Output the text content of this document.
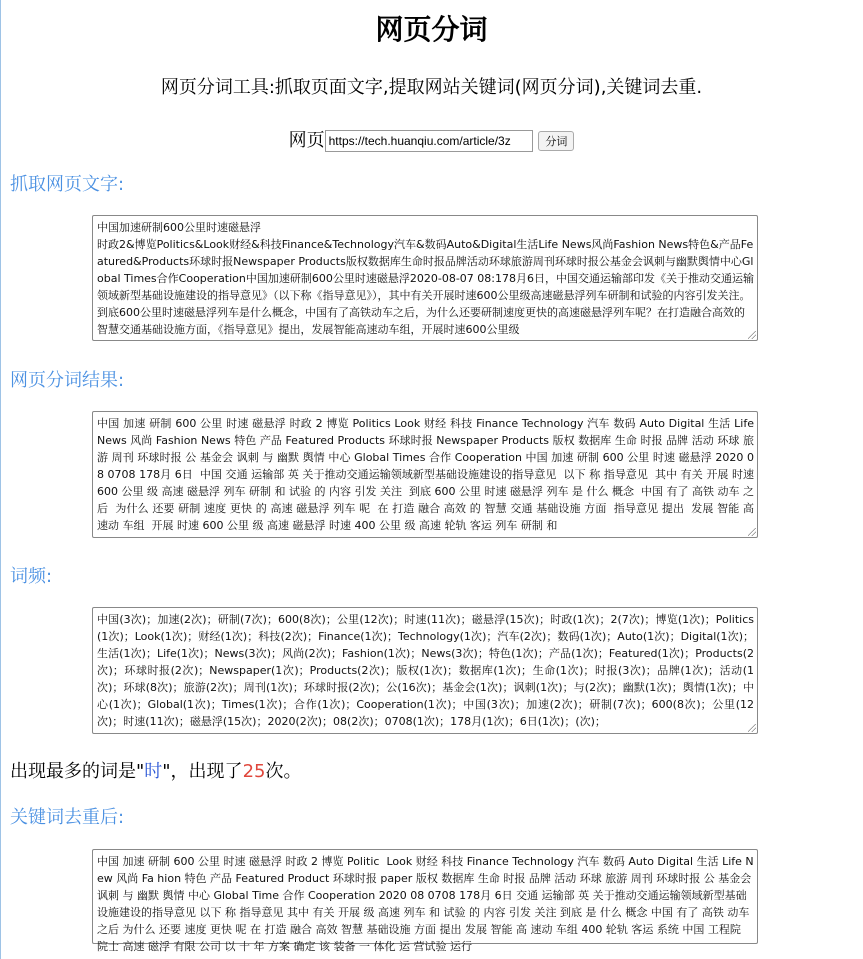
网页分词
网页分词工具:抓取页面文字,提取网站关键词(网页分词),关键词去重.
网页https://tech.huanqiu.com/article/3z	分词
抓取网页文字:
中国加速研制600公里时速磁悬浮
时政2&博览Politics&Look财经&科技Finance&Technology汽车&数码Auto&Digital生活Life News风尚Fashion News特色&产品Featured&Products环球时报Newspaper Products版权数据库生命时报品牌活动环球旅游周刊环球时报公基金会讽刺与幽默舆情中心Global Times合作Cooperation中国加速研制600公里时速磁悬浮2020-08-07 08:178月6日，中国交通运输部印发《关于推动交通运输领域新型基础设施建设的指导意见》（以下称《指导意见》），其中有关开展时速600公里级高速磁悬浮列车研制和试验的内容引发关注。到底600公里时速磁悬浮列车是什么概念，中国有了高铁动车之后，为什么还要研制速度更快的高速磁悬浮列车呢？在打造融合高效的智慧交通基础设施方面，《指导意见》提出，发展智能高速动车组，开展时速600公里级
网页分词结果:
中国 加速 研制 600 公里 时速 磁悬浮 时政 2 博览 Politics Look 财经 科技 Finance Technology 汽车 数码 Auto Digital 生活 Life News 风尚 Fashion News 特色 产品 Featured Products 环球时报 Newspaper Products 版权 数据库 生命 时报 品牌 活动 环球 旅游 周刊 环球时报 公 基金会 讽刺 与 幽默 舆情 中心 Global Times 合作 Cooperation 中国 加速 研制 600 公里 时速 磁悬浮 2020 08 0708 178月 6日  中国 交通 运输部 英 关于推动交通运输领域新型基础设施建设的指导意见  以下 称 指导意见  其中 有关 开展 时速 600 公里 级 高速 磁悬浮 列车 研制 和 试验 的 内容 引发 关注  到底 600 公里 时速 磁悬浮 列车 是 什么 概念  中国 有了 高铁 动车 之后  为什么 还要 研制 速度 更快 的 高速 磁悬浮 列车 呢  在 打造 融合 高效 的 智慧 交通 基础设施 方面  指导意见 提出  发展 智能 高 速动 车组  开展 时速 600 公里 级 高速 磁悬浮 时速 400 公里 级 高速 轮轨 客运 列车 研制 和
词频:
中国(3次)；加速(2次)；研制(7次)；600(8次)；公里(12次)；时速(11次)；磁悬浮(15次)；时政(1次)；2(7次)；博览(1次)；Politics(1次)；Look(1次)；财经(1次)；科技(2次)；Finance(1次)；Technology(1次)；汽车(2次)；数码(1次)；Auto(1次)；Digital(1次)；生活(1次)；Life(1次)；News(3次)；风尚(2次)；Fashion(1次)；News(3次)；特色(1次)；产品(1次)；Featured(1次)；Products(2次)；环球时报(2次)；Newspaper(1次)；Products(2次)；版权(1次)；数据库(1次)；生命(1次)；时报(3次)；品牌(1次)；活动(1次)；环球(8次)；旅游(2次)；周刊(1次)；环球时报(2次)；公(16次)；基金会(1次)；讽刺(1次)；与(2次)；幽默(1次)；舆情(1次)；中心(1次)；Global(1次)；Times(1次)；合作(1次)；Cooperation(1次)；中国(3次)；加速(2次)；研制(7次)；600(8次)；公里(12次)；时速(11次)；磁悬浮(15次)；2020(2次)；08(2次)；0708(1次)；178月(1次)；6日(1次)；(次)；
出现最多的词是"时"，出现了25次。
关键词去重后:
中国 加速 研制 600 公里 时速 磁悬浮 时政 2 博览 Politic  Look 财经 科技 Finance Technology 汽车 数码 Auto Digital 生活 Life New 风尚 Fa hion 特色 产品 Featured Product 环球时报 paper 版权 数据库 生命 时报 品牌 活动 环球 旅游 周刊 环球时报 公 基金会 讽刺 与 幽默 舆情 中心 Global Time 合作 Cooperation 2020 08 0708 178月 6日 交通 运输部 英 关于推动交通运输领域新型基础设施建设的指导意见 以下 称 指导意见 其中 有关 开展 级 高速 列车 和 试验 的 内容 引发 关注 到底 是 什么 概念 中国 有了 高铁 动车 之后 为什么 还要 速度 更快 呢 在 打造 融合 高效 智慧 基础设施 方面 提出 发展 智能 高 速动 车组 400 轮轨 客运 系统 中国 工程院 院士 高速 磁浮 有限 公司 以 十 年 方案 确定 该 装备 一 体化 运 营试验 运行
